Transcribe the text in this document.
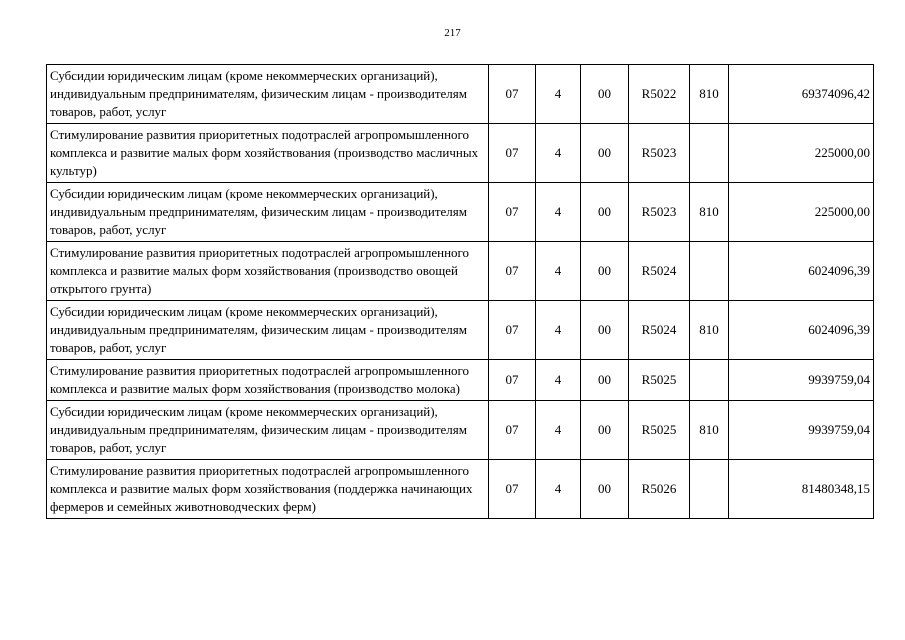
217
Субсидии юридическим лицам (кроме некоммерческих организаций), индивидуальным предпринимателям, физическим лицам - производителям товаров, работ, услуг	07	4	00	R5022	810	69374096,42
Стимулирование развития приоритетных подотраслей агропромышленного комплекса и развитие малых форм хозяйствования (производство масличных культур)	07	4	00	R5023		225000,00
Субсидии юридическим лицам (кроме некоммерческих организаций), индивидуальным предпринимателям, физическим лицам - производителям товаров, работ, услуг	07	4	00	R5023	810	225000,00
Стимулирование развития приоритетных подотраслей агропромышленного комплекса и развитие малых форм хозяйствования (производство овощей открытого грунта)	07	4	00	R5024		6024096,39
Субсидии юридическим лицам (кроме некоммерческих организаций), индивидуальным предпринимателям, физическим лицам - производителям товаров, работ, услуг	07	4	00	R5024	810	6024096,39
Стимулирование развития приоритетных подотраслей агропромышленного комплекса и развитие малых форм хозяйствования (производство молока)	07	4	00	R5025		9939759,04
Субсидии юридическим лицам (кроме некоммерческих организаций), индивидуальным предпринимателям, физическим лицам - производителям товаров, работ, услуг	07	4	00	R5025	810	9939759,04
Стимулирование развития приоритетных подотраслей агропромышленного комплекса и развитие малых форм хозяйствования (поддержка начинающих фермеров и семейных животноводческих ферм)	07	4	00	R5026		81480348,15
